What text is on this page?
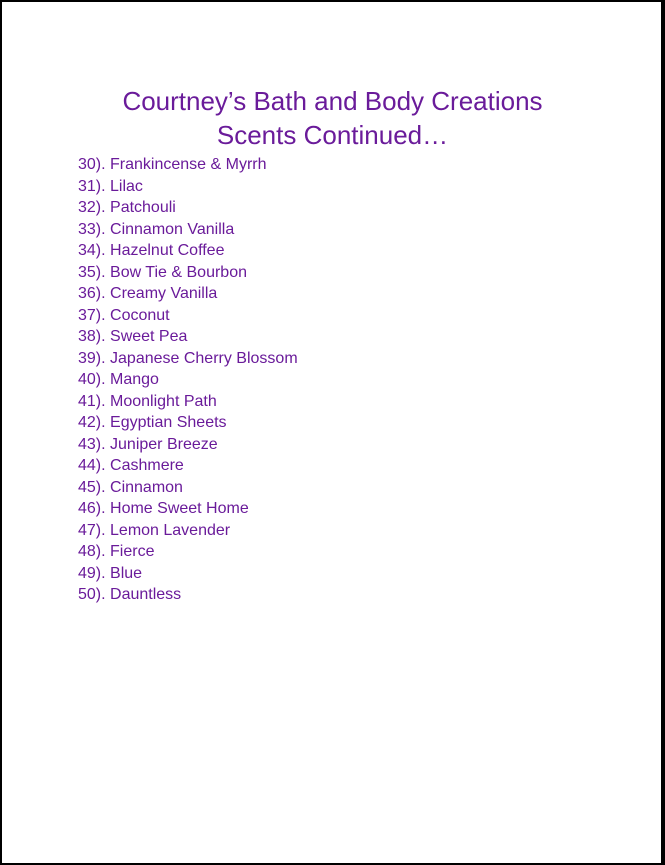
Courtney’s Bath and Body Creations
Scents Continued…
30). Frankincense & Myrrh
31). Lilac
32). Patchouli
33). Cinnamon Vanilla
34). Hazelnut Coffee
35). Bow Tie & Bourbon
36). Creamy Vanilla
37). Coconut
38). Sweet Pea
39). Japanese Cherry Blossom
40). Mango
41). Moonlight Path
42). Egyptian Sheets
43). Juniper Breeze
44). Cashmere
45). Cinnamon
46). Home Sweet Home
47). Lemon Lavender
48). Fierce
49). Blue
50). Dauntless
